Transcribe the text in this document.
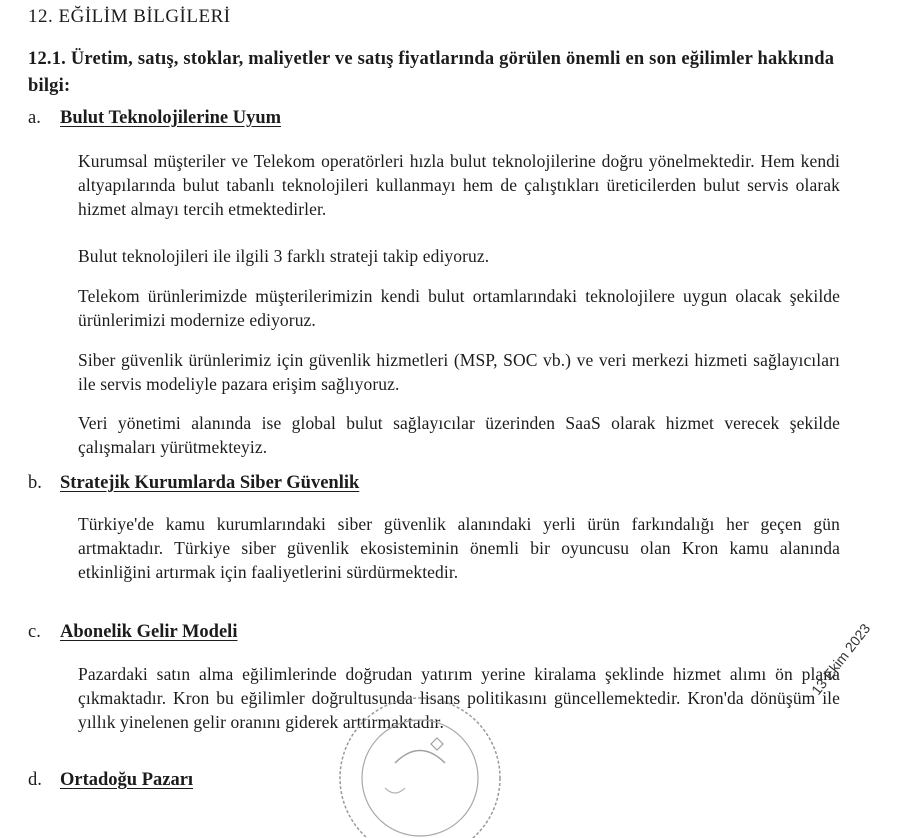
12. EĞİLİM BİLGİLERİ
12.1. Üretim, satış, stoklar, maliyetler ve satış fiyatlarında görülen önemli en son eğilimler hakkında bilgi:
a. Bulut Teknolojilerine Uyum
Kurumsal müşteriler ve Telekom operatörleri hızla bulut teknolojilerine doğru yönelmektedir. Hem kendi altyapılarında bulut tabanlı teknolojileri kullanmayı hem de çalıştıkları üreticilerden bulut servis olarak hizmet almayı tercih etmektedirler.
Bulut teknolojileri ile ilgili 3 farklı strateji takip ediyoruz.
Telekom ürünlerimizde müşterilerimizin kendi bulut ortamlarındaki teknolojilere uygun olacak şekilde ürünlerimizi modernize ediyoruz.
Siber güvenlik ürünlerimiz için güvenlik hizmetleri (MSP, SOC vb.) ve veri merkezi hizmeti sağlayıcıları ile servis modeliyle pazara erişim sağlıyoruz.
Veri yönetimi alanında ise global bulut sağlayıcılar üzerinden SaaS olarak hizmet verecek şekilde çalışmaları yürütmekteyiz.
b. Stratejik Kurumlarda Siber Güvenlik
Türkiye'de kamu kurumlarındaki siber güvenlik alanındaki yerli ürün farkındalığı her geçen gün artmaktadır. Türkiye siber güvenlik ekosisteminin önemli bir oyuncusu olan Kron kamu alanında etkinliğini artırmak için faaliyetlerini sürdürmektedir.
c. Abonelik Gelir Modeli
Pazardaki satın alma eğilimlerinde doğrudan yatırım yerine kiralama şeklinde hizmet alımı ön plana çıkmaktadır. Kron bu eğilimler doğrultusunda lisans politikasını güncellemektedir. Kron'da dönüşüm ile yıllık yinelenen gelir oranını giderek arttırmaktadır.
d. Ortadoğu Pazarı
13 Ekim 2023
